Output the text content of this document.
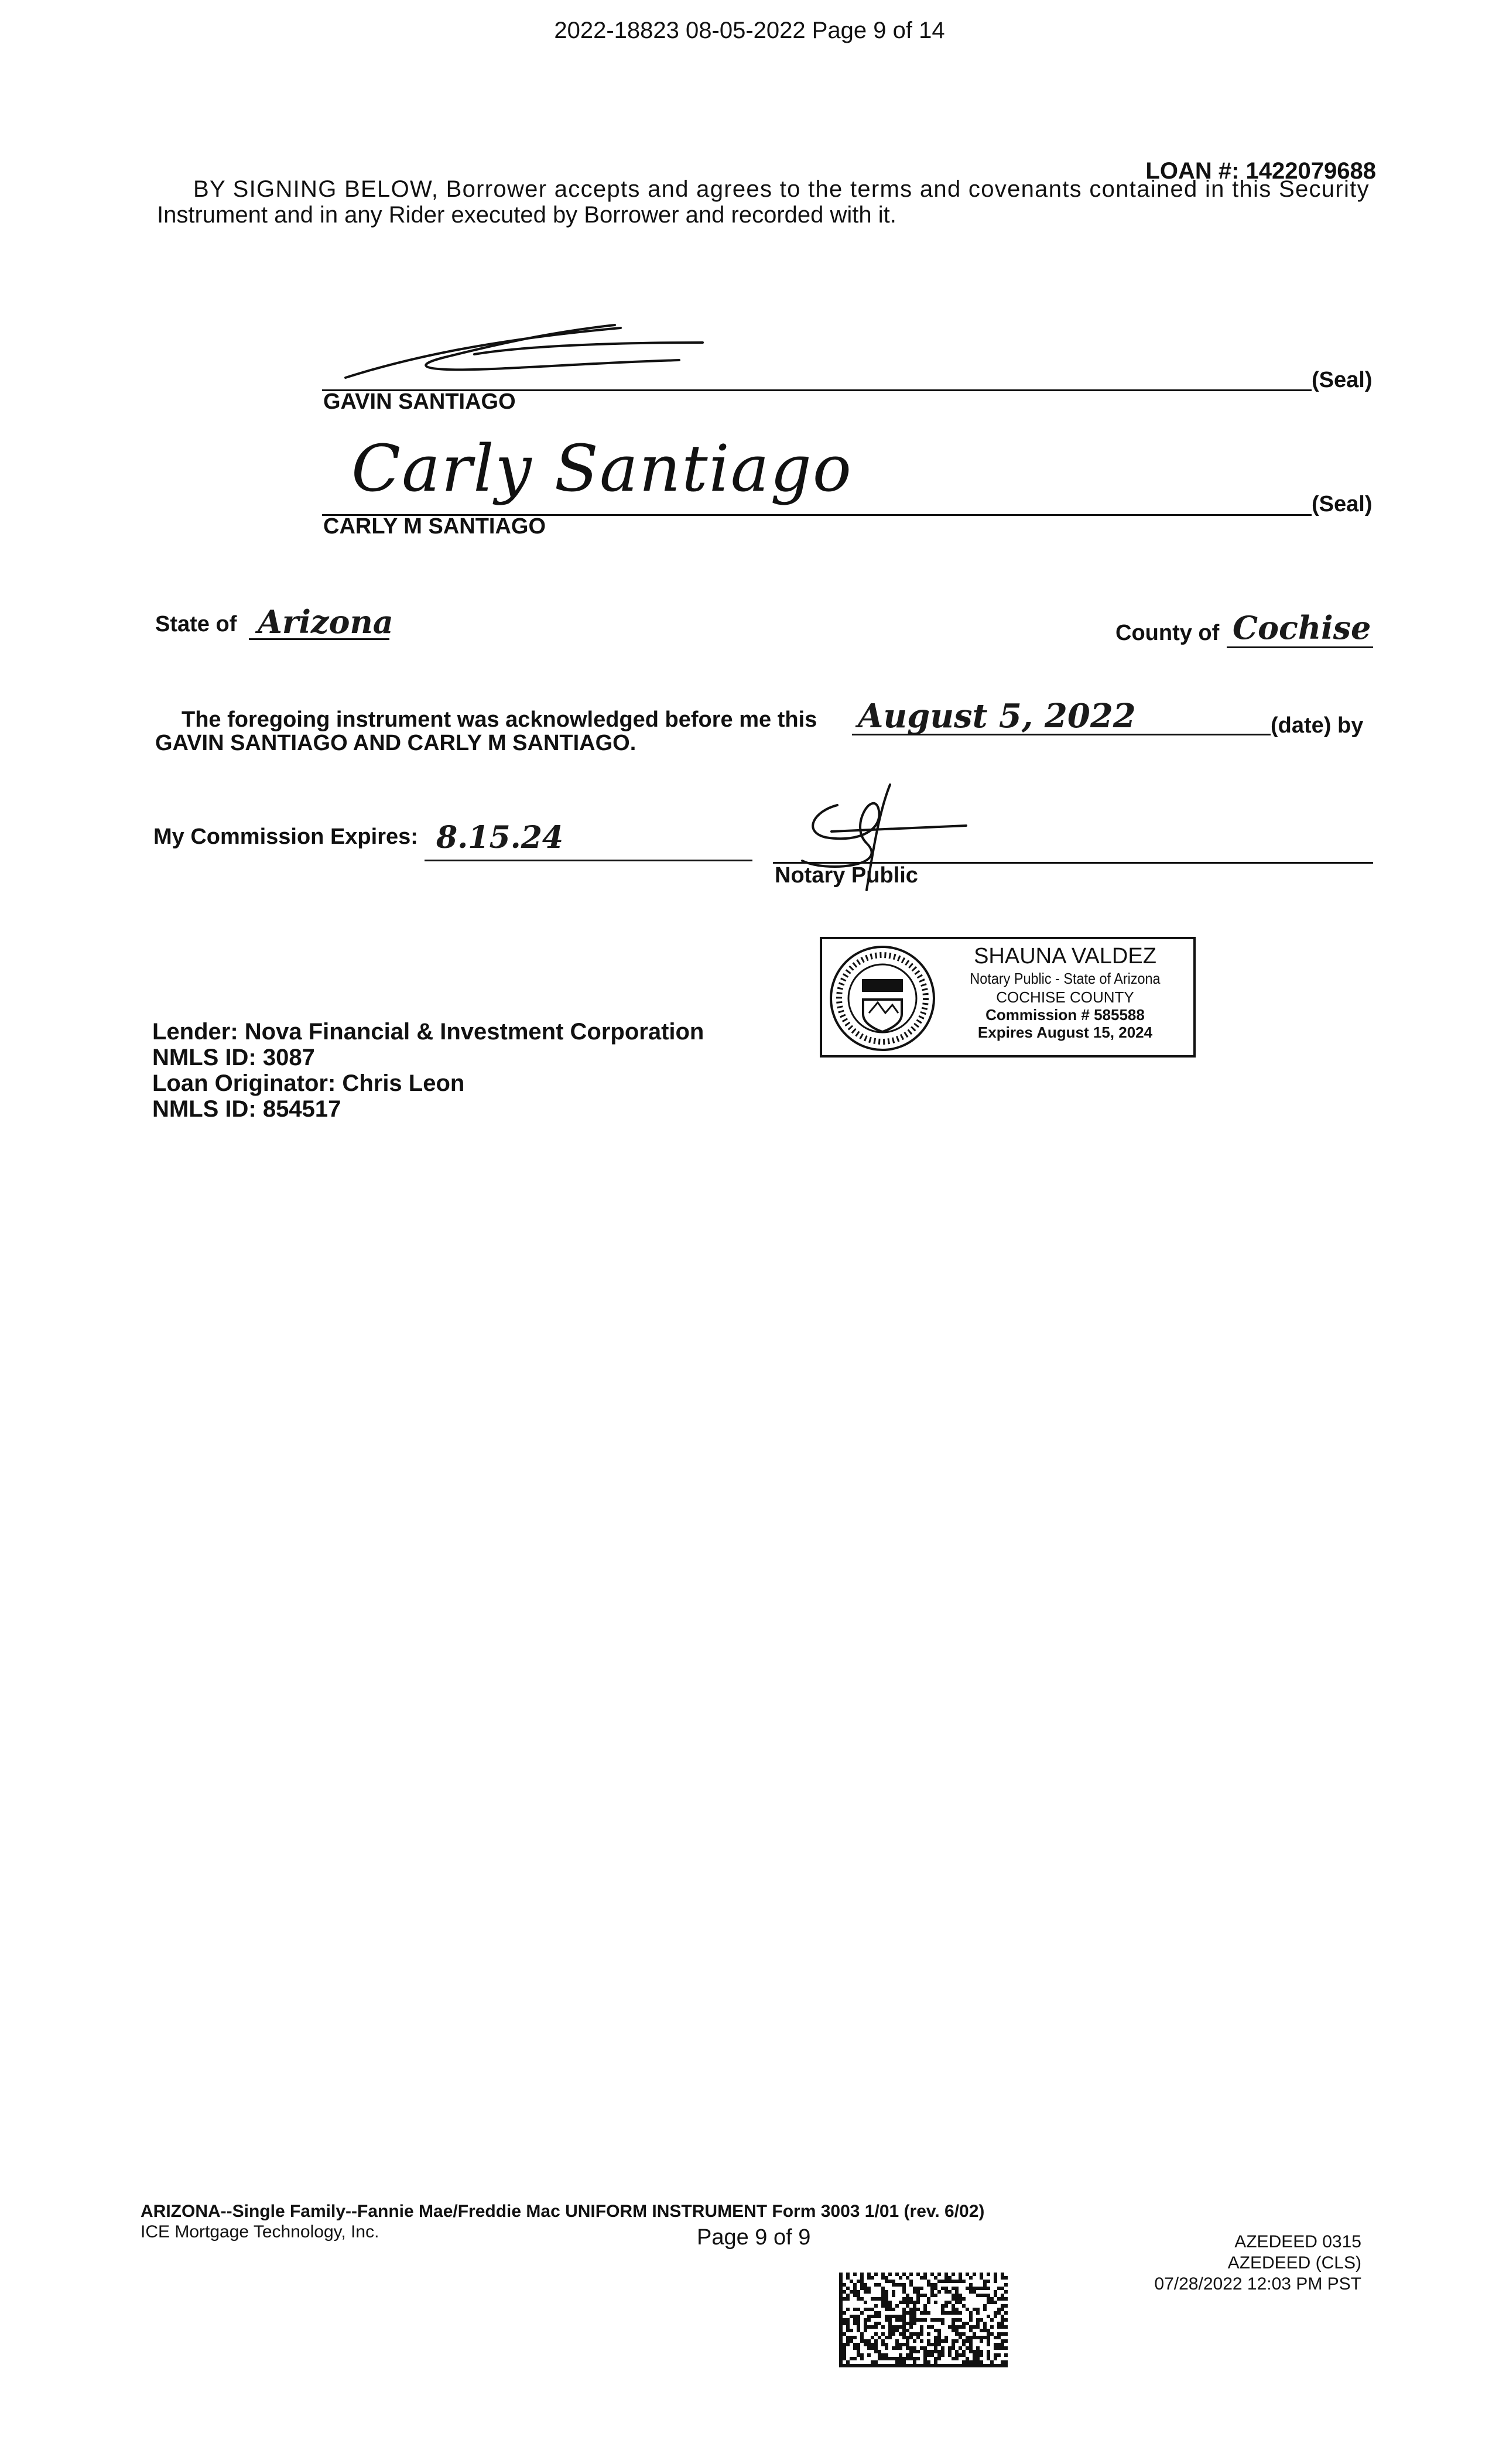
2022-18823 08-05-2022 Page 9 of 14
LOAN #: 1422079688
BY SIGNING BELOW, Borrower accepts and agrees to the terms and covenants contained in this Security
Instrument and in any Rider executed by Borrower and recorded with it.
(Seal)
GAVIN SANTIAGO
Carly Santiago	(Seal)
CARLY M SANTIAGO
State of Arizona	County of Cochise
The foregoing instrument was acknowledged before me this August 5, 2022	(date) by
GAVIN SANTIAGO AND CARLY M SANTIAGO.
My Commission Expires: 8.15.24
Notary Public
SHAUNA VALDEZ
Notary Public - State of Arizona
COCHISE COUNTY
Commission # 585588
Expires August 15, 2024
Lender: Nova Financial & Investment Corporation
NMLS ID: 3087
Loan Originator: Chris Leon
NMLS ID: 854517
ARIZONA--Single Family--Fannie Mae/Freddie Mac UNIFORM INSTRUMENT Form 3003 1/01 (rev. 6/02)
ICE Mortgage Technology, Inc.	Page 9 of 9	AZEDEED 0315
AZEDEED (CLS)
07/28/2022 12:03 PM PST
